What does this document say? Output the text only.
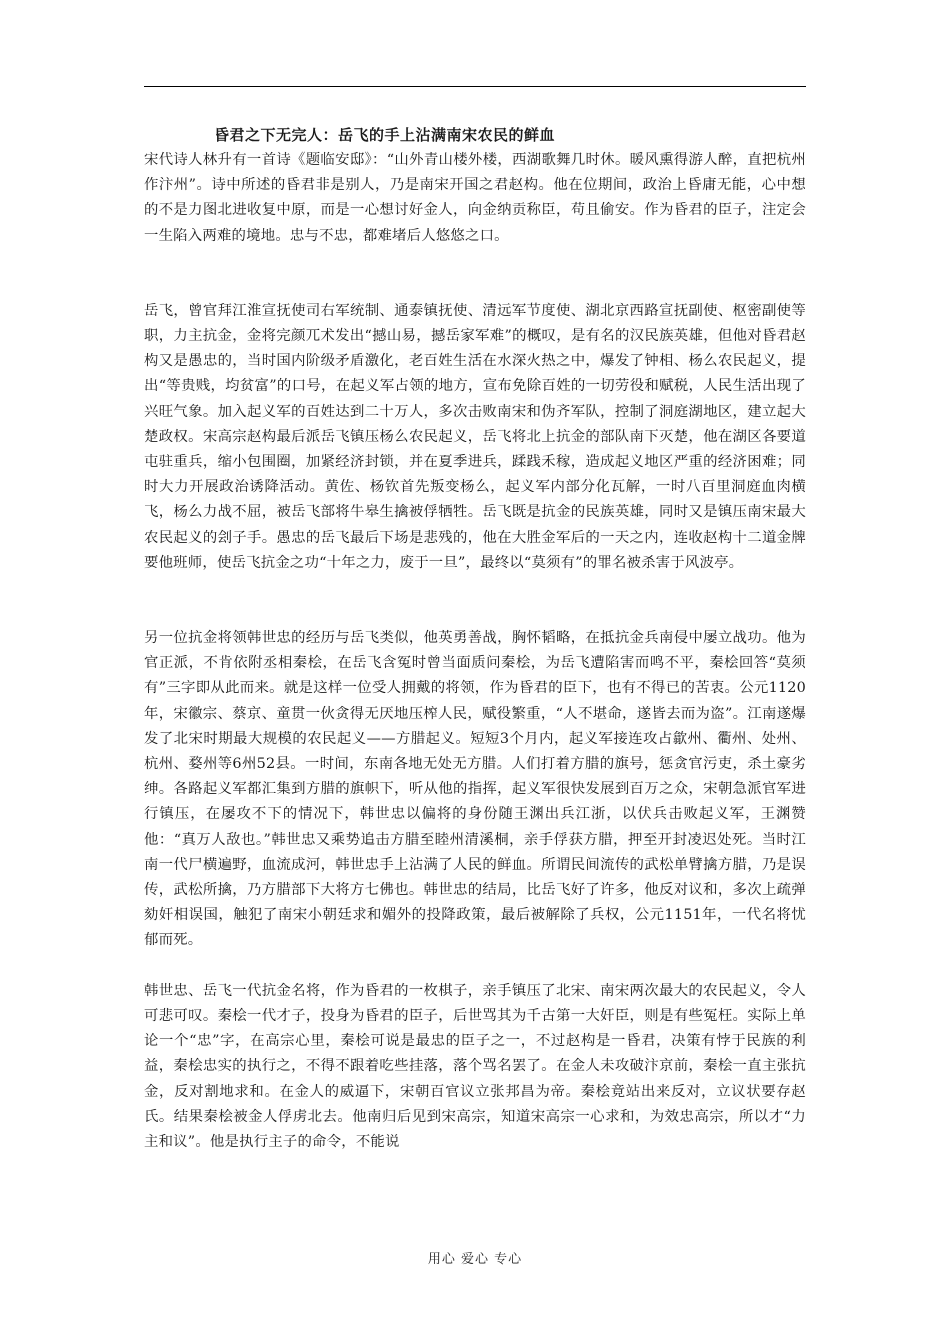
昏君之下无完人：岳飞的手上沾满南宋农民的鲜血

宋代诗人林升有一首诗《题临安邸》：“山外青山楼外楼，西湖歌舞几时休。暖风熏得游人醉，直把杭州作汴州”。诗中所述的昏君非是别人，乃是南宋开国之君赵构。他在位期间，政治上昏庸无能，心中想的不是力图北进收复中原，而是一心想讨好金人，向金纳贡称臣，苟且偷安。作为昏君的臣子，注定会一生陷入两难的境地。忠与不忠，都难堵后人悠悠之口。

岳飞，曾官拜江淮宣抚使司右军统制、通泰镇抚使、清远军节度使、湖北京西路宣抚副使、枢密副使等职，力主抗金，金将完颜兀术发出“撼山易，撼岳家军难”的概叹，是有名的汉民族英雄，但他对昏君赵构又是愚忠的，当时国内阶级矛盾激化，老百姓生活在水深火热之中，爆发了钟相、杨么农民起义，提出“等贵贱，均贫富”的口号，在起义军占领的地方，宣布免除百姓的一切劳役和赋税，人民生活出现了兴旺气象。加入起义军的百姓达到二十万人，多次击败南宋和伪齐军队，控制了洞庭湖地区，建立起大楚政权。宋高宗赵构最后派岳飞镇压杨么农民起义，岳飞将北上抗金的部队南下灭楚，他在湖区各要道屯驻重兵，缩小包围圈，加紧经济封锁，并在夏季进兵，蹂践禾稼，造成起义地区严重的经济困难；同时大力开展政治诱降活动。黄佐、杨钦首先叛变杨么，起义军内部分化瓦解，一时八百里洞庭血肉横飞，杨么力战不屈，被岳飞部将牛皋生擒被俘牺牲。岳飞既是抗金的民族英雄，同时又是镇压南宋最大农民起义的刽子手。愚忠的岳飞最后下场是悲残的，他在大胜金军后的一天之内，连收赵构十二道金牌要他班师，使岳飞抗金之功“十年之力，废于一旦”，最终以“莫须有”的罪名被杀害于风波亭。

另一位抗金将领韩世忠的经历与岳飞类似，他英勇善战，胸怀韬略，在抵抗金兵南侵中屡立战功。他为官正派，不肯依附丞相秦桧，在岳飞含冤时曾当面质问秦桧，为岳飞遭陷害而鸣不平，秦桧回答“莫须有”三字即从此而来。就是这样一位受人拥戴的将领，作为昏君的臣下，也有不得已的苦衷。公元1120年，宋徽宗、蔡京、童贯一伙贪得无厌地压榨人民，赋役繁重，“人不堪命，遂皆去而为盗”。江南遂爆发了北宋时期最大规模的农民起义——方腊起义。短短3个月内，起义军接连攻占歙州、衢州、处州、杭州、婺州等6州52县。一时间，东南各地无处无方腊。人们打着方腊的旗号，惩贪官污吏，杀土豪劣绅。各路起义军都汇集到方腊的旗帜下，听从他的指挥，起义军很快发展到百万之众，宋朝急派官军进行镇压，在屡攻不下的情况下，韩世忠以偏将的身份随王渊出兵江浙，以伏兵击败起义军，王渊赞他：“真万人敌也。”韩世忠又乘势追击方腊至睦州清溪桐，亲手俘获方腊，押至开封凌迟处死。当时江南一代尸横遍野，血流成河，韩世忠手上沾满了人民的鲜血。所谓民间流传的武松单臂擒方腊，乃是误传，武松所擒，乃方腊部下大将方七佛也。韩世忠的结局，比岳飞好了许多，他反对议和，多次上疏弹劾奸相误国，触犯了南宋小朝廷求和媚外的投降政策，最后被解除了兵权，公元1151年，一代名将忧郁而死。

韩世忠、岳飞一代抗金名将，作为昏君的一枚棋子，亲手镇压了北宋、南宋两次最大的农民起义，令人可悲可叹。秦桧一代才子，投身为昏君的臣子，后世骂其为千古第一大奸臣，则是有些冤枉。实际上单论一个“忠”字，在高宗心里，秦桧可说是最忠的臣子之一，不过赵构是一昏君，决策有悖于民族的利益，秦桧忠实的执行之，不得不跟着吃些挂落，落个骂名罢了。在金人未攻破汴京前，秦桧一直主张抗金，反对割地求和。在金人的威逼下，宋朝百官议立张邦昌为帝。秦桧竟站出来反对，立议状要存赵氏。结果秦桧被金人俘虏北去。他南归后见到宋高宗，知道宋高宗一心求和，为效忠高宗，所以才“力主和议”。他是执行主子的命令，不能说

用心 爱心 专心
